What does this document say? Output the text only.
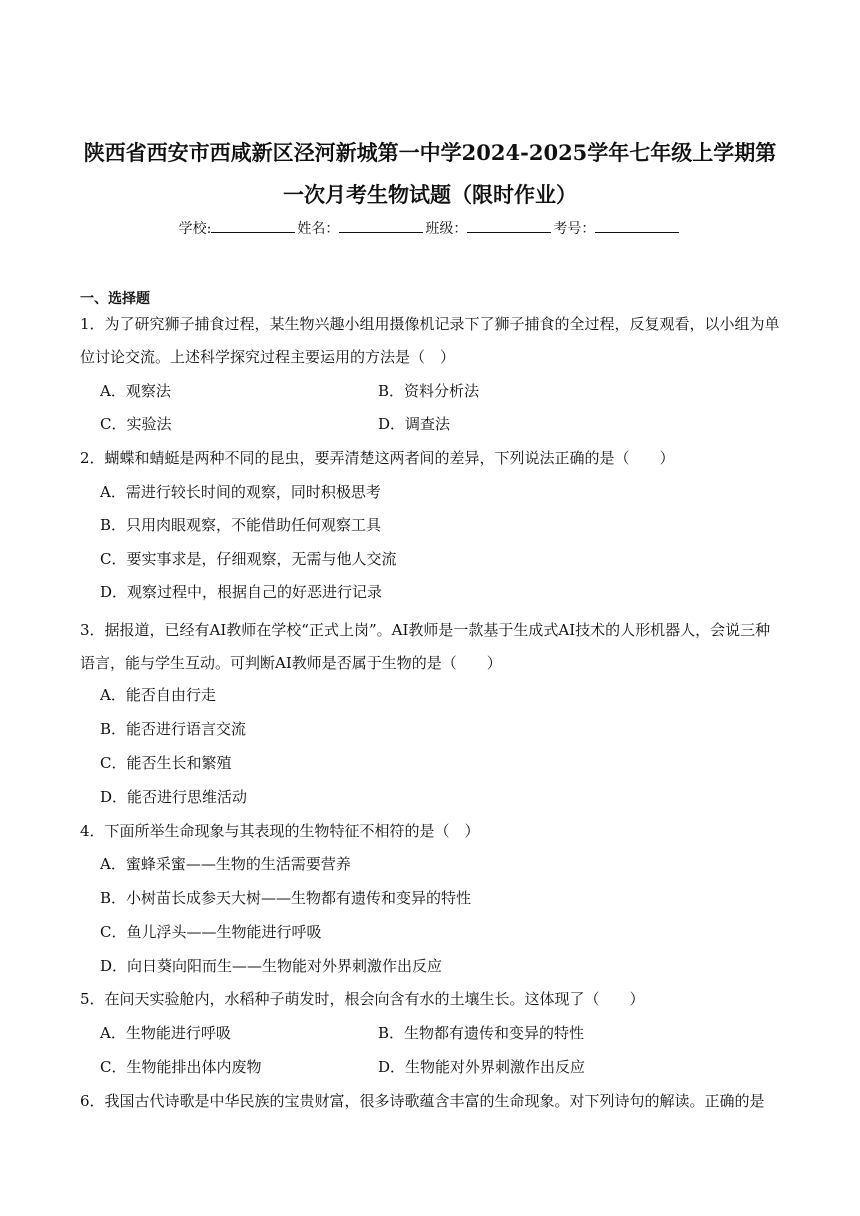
陕西省西安市西咸新区泾河新城第一中学2024-2025学年七年级上学期第
一次月考生物试题（限时作业）
学校:	姓名：	班级：	考号：
一、选择题
1．为了研究狮子捕食过程，某生物兴趣小组用摄像机记录下了狮子捕食的全过程，反复观看，以小组为单
位讨论交流。上述科学探究过程主要运用的方法是（　）
A．观察法	B．资料分析法
C．实验法	D．调查法
2．蝴蝶和蜻蜓是两种不同的昆虫，要弄清楚这两者间的差异，下列说法正确的是（　　）
A．需进行较长时间的观察，同时积极思考
B．只用肉眼观察，不能借助任何观察工具
C．要实事求是，仔细观察，无需与他人交流
D．观察过程中，根据自己的好恶进行记录
3．据报道，已经有AI教师在学校“正式上岗”。AI教师是一款基于生成式AI技术的人形机器人，会说三种
语言，能与学生互动。可判断AI教师是否属于生物的是（　　）
A．能否自由行走
B．能否进行语言交流
C．能否生长和繁殖
D．能否进行思维活动
4．下面所举生命现象与其表现的生物特征不相符的是（　）
A．蜜蜂采蜜——生物的生活需要营养
B．小树苗长成参天大树——生物都有遗传和变异的特性
C．鱼儿浮头——生物能进行呼吸
D．向日葵向阳而生——生物能对外界刺激作出反应
5．在问天实验舱内，水稻种子萌发时，根会向含有水的土壤生长。这体现了（　　）
A．生物能进行呼吸	B．生物都有遗传和变异的特性
C．生物能排出体内废物	D．生物能对外界刺激作出反应
6．我国古代诗歌是中华民族的宝贵财富，很多诗歌蕴含丰富的生命现象。对下列诗句的解读。正确的是
